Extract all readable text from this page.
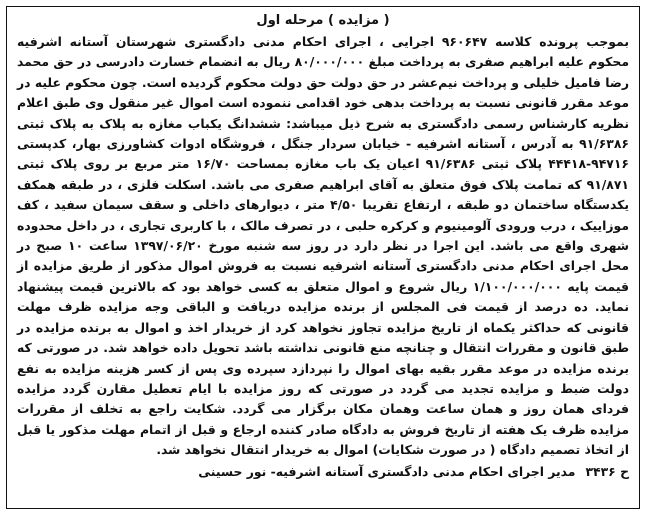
( مزایده ) مرحله اول

بموجب پرونده کلاسه ۹۶۰۶۴۷ اجرایی ، اجرای احکام مدنی دادگستری شهرستان آستانه اشرفیه محکوم علیه ابراهیم صفری به پرداخت مبلغ ۸۰/۰۰۰/۰۰۰ ریال به انضمام خسارت دادرسی در حق محمد رضا فامیل خلیلی و پرداخت نیم‌عشر در حق دولت حق دولت محکوم گردیده است. چون محکوم علیه در موعد مقرر قانونی نسبت به پرداخت بدهی خود اقدامی ننموده است اموال غیر منقول وی طبق اعلام نظریه کارشناس رسمی دادگستری به شرح ذیل میباشد: ششدانگ یکباب مغازه به پلاک به پلاک ثبتی ۹۱/۶۳۸۶ به آدرس ، آستانه اشرفیه - خیابان سردار جنگل ، فروشگاه ادوات کشاورزی بهار، کدپستی ۹۴۷۱۶-۴۴۴۱۸ پلاک ثبتی ۹۱/۶۳۸۶ اعیان یک باب مغازه بمساحت ۱۶/۷۰ متر مربع بر روی پلاک ثبتی ۹۱/۸۷۱ که تمامت پلاک فوق متعلق به آقای ابراهیم صفری می باشد. اسکلت فلزی ، در طبقه همکف یکدستگاه ساختمان دو طبقه ، ارتفاع تقریبا ۴/۵۰ متر ، دیوارهای داخلی و سقف سیمان سفید ، کف موزاییک ، درب ورودی آلومینیوم و کرکره حلبی ، در تصرف مالک ، با کاربری تجاری ، در داخل محدوده شهری واقع می باشد. این اجرا در نظر دارد در روز سه شنبه مورخ ۱۳۹۷/۰۶/۲۰ ساعت ۱۰ صبح در محل اجرای احکام مدنی دادگستری آستانه اشرفیه نسبت به فروش اموال مذکور از طریق مزایده از قیمت پایه ۱/۱۰۰/۰۰۰/۰۰۰ ریال شروع و اموال متعلق به کسی خواهد بود که بالاترین قیمت پیشنهاد نماید. ده درصد از قیمت فی المجلس از برنده مزایده دریافت و الباقی وجه مزایده ظرف مهلت قانونی که حداکثر یکماه از تاریخ مزایده تجاوز نخواهد کرد از خریدار اخذ و اموال به برنده مزایده در طبق قانون و مقررات انتقال و چنانچه منع قانونی نداشته باشد تحویل داده خواهد شد. در صورتی که برنده مزایده در موعد مقرر بقیه بهای اموال را نپردازد سپرده وی پس از کسر هزینه مزایده به نفع دولت ضبط و مزایده تجدید می گردد در صورتی که روز مزایده با ایام تعطیل مقارن گردد مزایده فردای همان روز و همان ساعت وهمان مکان برگزار می گردد. شکایت راجع به تخلف از مقررات مزایده ظرف یک هفته از تاریخ فروش به دادگاه صادر کننده ارجاع و قبل از اتمام مهلت مذکور یا قبل از اتخاذ تصمیم دادگاه ( در صورت شکایات) اموال به خریدار انتقال نخواهد شد.

ح ۳۴۳۶
مدیر اجرای احکام مدنی دادگستری آستانه اشرفیه- نور حسینی
